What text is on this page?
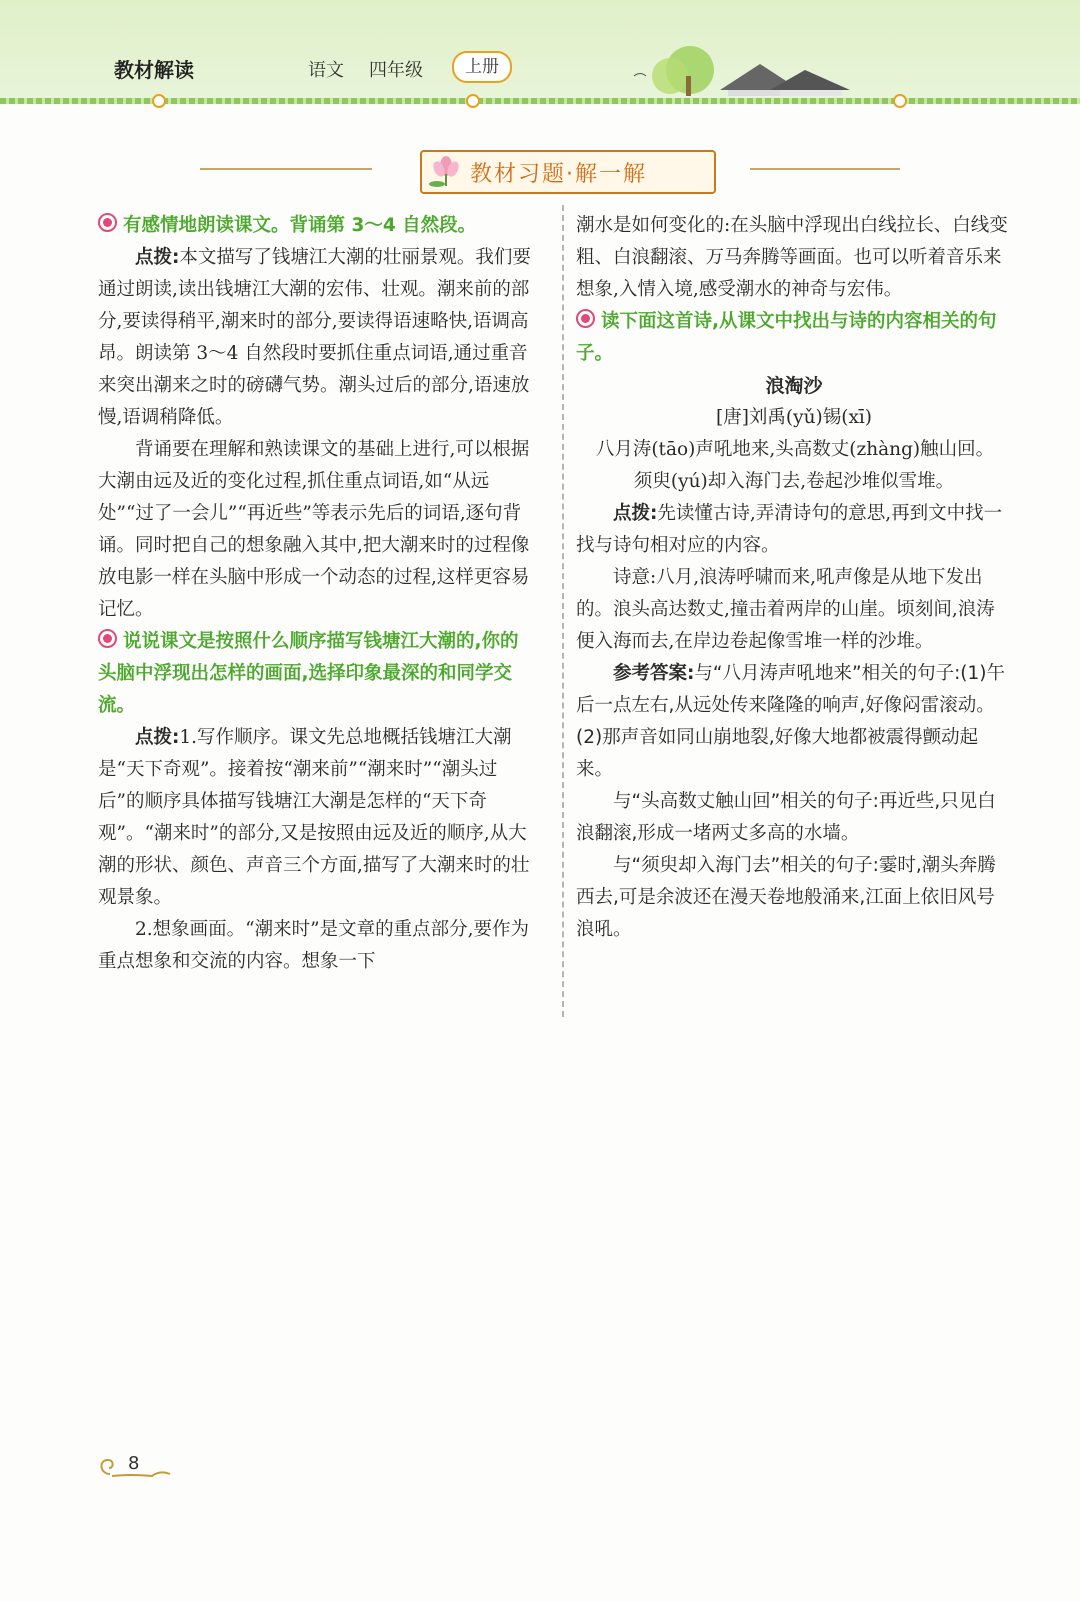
教材解读	语文 四年级	上册
教材习题·解一解

有感情地朗读课文。背诵第 3～4 自然段。

点拨:本文描写了钱塘江大潮的壮丽景观。我们要通过朗读,读出钱塘江大潮的宏伟、壮观。潮来前的部分,要读得稍平,潮来时的部分,要读得语速略快,语调高昂。朗读第 3～4 自然段时要抓住重点词语,通过重音来突出潮来之时的磅礴气势。潮头过后的部分,语速放慢,语调稍降低。

背诵要在理解和熟读课文的基础上进行,可以根据大潮由远及近的变化过程,抓住重点词语,如“从远处”“过了一会儿”“再近些”等表示先后的词语,逐句背诵。同时把自己的想象融入其中,把大潮来时的过程像放电影一样在头脑中形成一个动态的过程,这样更容易记忆。

说说课文是按照什么顺序描写钱塘江大潮的,你的头脑中浮现出怎样的画面,选择印象最深的和同学交流。

点拨:1.写作顺序。课文先总地概括钱塘江大潮是“天下奇观”。接着按“潮来前”“潮来时”“潮头过后”的顺序具体描写钱塘江大潮是怎样的“天下奇观”。“潮来时”的部分,又是按照由远及近的顺序,从大潮的形状、颜色、声音三个方面,描写了大潮来时的壮观景象。

2.想象画面。“潮来时”是文章的重点部分,要作为重点想象和交流的内容。想象一下

潮水是如何变化的:在头脑中浮现出白线拉长、白线变粗、白浪翻滚、万马奔腾等画面。也可以听着音乐来想象,入情入境,感受潮水的神奇与宏伟。

读下面这首诗,从课文中找出与诗的内容相关的句子。

浪淘沙

[唐]刘禹(yǔ)锡(xī)

八月涛(tāo)声吼地来,头高数丈(zhàng)触山回。

须臾(yú)却入海门去,卷起沙堆似雪堆。

点拨:先读懂古诗,弄清诗句的意思,再到文中找一找与诗句相对应的内容。

诗意:八月,浪涛呼啸而来,吼声像是从地下发出的。浪头高达数丈,撞击着两岸的山崖。顷刻间,浪涛便入海而去,在岸边卷起像雪堆一样的沙堆。

参考答案:与“八月涛声吼地来”相关的句子:(1)午后一点左右,从远处传来隆隆的响声,好像闷雷滚动。(2)那声音如同山崩地裂,好像大地都被震得颤动起来。

与“头高数丈触山回”相关的句子:再近些,只见白浪翻滚,形成一堵两丈多高的水墙。

与“须臾却入海门去”相关的句子:霎时,潮头奔腾西去,可是余波还在漫天卷地般涌来,江面上依旧风号浪吼。

8
